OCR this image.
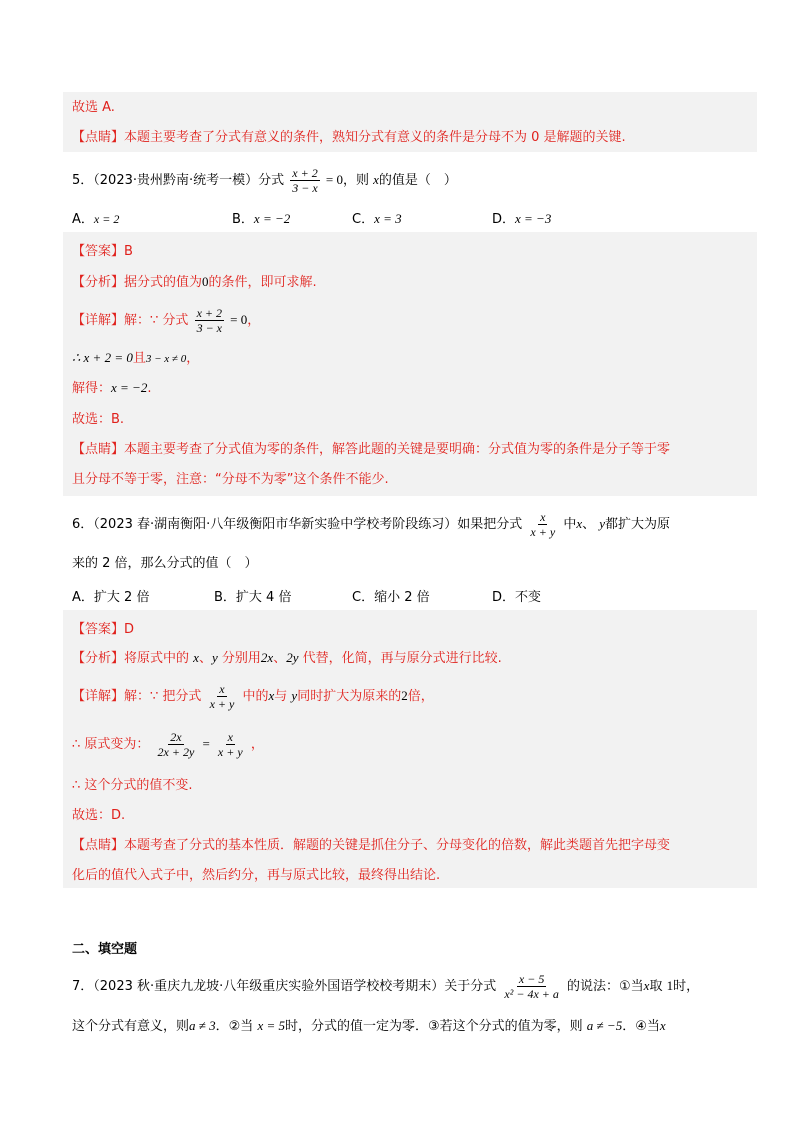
故选 A.
【点睛】本题主要考查了分式有意义的条件，熟知分式有意义的条件是分母不为 0 是解题的关键.
5．（2023·贵州黔南·统考一模）分式 $\frac{x + 2}{3 - x} = 0$，则 x的值是（　）
A．x = 2	B．x = −2	C．x = 3	D．x = −3
【答案】B
【分析】据分式的值为0的条件，即可求解.
【详解】解：∵ 分式 $\frac{x + 2}{3 - x} = 0$，
∴ x + 2 = 0且3 − x ≠ 0，
解得：x = −2.
故选：B.
【点睛】本题主要考查了分式值为零的条件，解答此题的关键是要明确：分式值为零的条件是分子等于零
且分母不等于零，注意：“分母不为零”这个条件不能少.
6．（2023 春·湖南衡阳·八年级衡阳市华新实验中学校考阶段练习）如果把分式 $\frac{x}{x + y}$ 中x、 y都扩大为原
来的 2 倍，那么分式的值（　）
A．扩大 2 倍	B．扩大 4 倍	C．缩小 2 倍	D．不变
【答案】D
【分析】将原式中的 x、y 分别用2x、2y 代替，化简，再与原分式进行比较.
【详解】解：∵ 把分式 $\frac{x}{x + y}$ 中的x与 y同时扩大为原来的2倍，
∴ 原式变为： $\frac{2x}{2x + 2y} = \frac{x}{x + y}$ ，
∴ 这个分式的值不变.
故选：D.
【点睛】本题考查了分式的基本性质．解题的关键是抓住分子、分母变化的倍数，解此类题首先把字母变
化后的值代入式子中，然后约分，再与原式比较，最终得出结论.
二、填空题
7．（2023 秋·重庆九龙坡·八年级重庆实验外国语学校校考期末）关于分式 $\frac{x - 5}{\text{x² − 4x + a}}$ 的说法：①当x取 1时，
这个分式有意义，则a ≠ 3．②当 x = 5时，分式的值一定为零．③若这个分式的值为零，则 a ≠ −5．④当x
